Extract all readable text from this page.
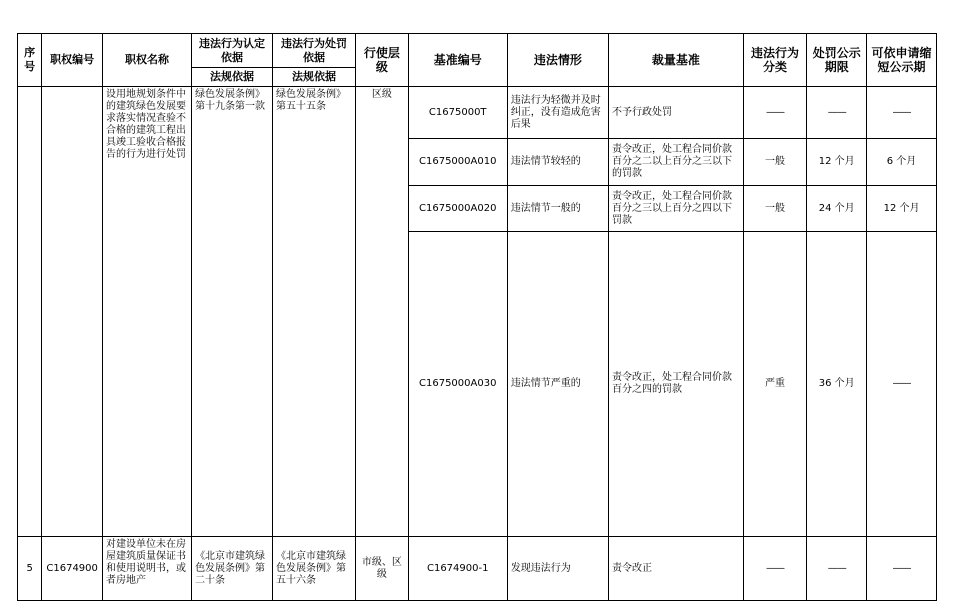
序号	职权编号	职权名称	违法行为认定依据	违法行为处罚依据	行使层级	基准编号	违法情形	裁量基准	违法行为分类	处罚公示期限	可依申请缩短公示期
			法规依据	法规依据							
		设用地规划条件中的建筑绿色发展要求落实情况查验不合格的建筑工程出具竣工验收合格报告的行为进行处罚	绿色发展条例》第十九条第一款	绿色发展条例》第五十五条	区级	C1675000T	违法行为轻微并及时纠正，没有造成危害后果	不予行政处罚	——	——	——
						C1675000A010	违法情节较轻的	责令改正，处工程合同价款百分之二以上百分之三以下的罚款	一般	12 个月	6 个月
						C1675000A020	违法情节一般的	责令改正，处工程合同价款百分之三以上百分之四以下罚款	一般	24 个月	12 个月
						C1675000A030	违法情节严重的	责令改正，处工程合同价款百分之四的罚款	严重	36 个月	——
5	C1674900	对建设单位未在房屋建筑质量保证书和使用说明书，或者房地产	《北京市建筑绿色发展条例》第二十条	《北京市建筑绿色发展条例》第五十六条	市级、区级	C1674900-1	发现违法行为	责令改正	——	——	——
